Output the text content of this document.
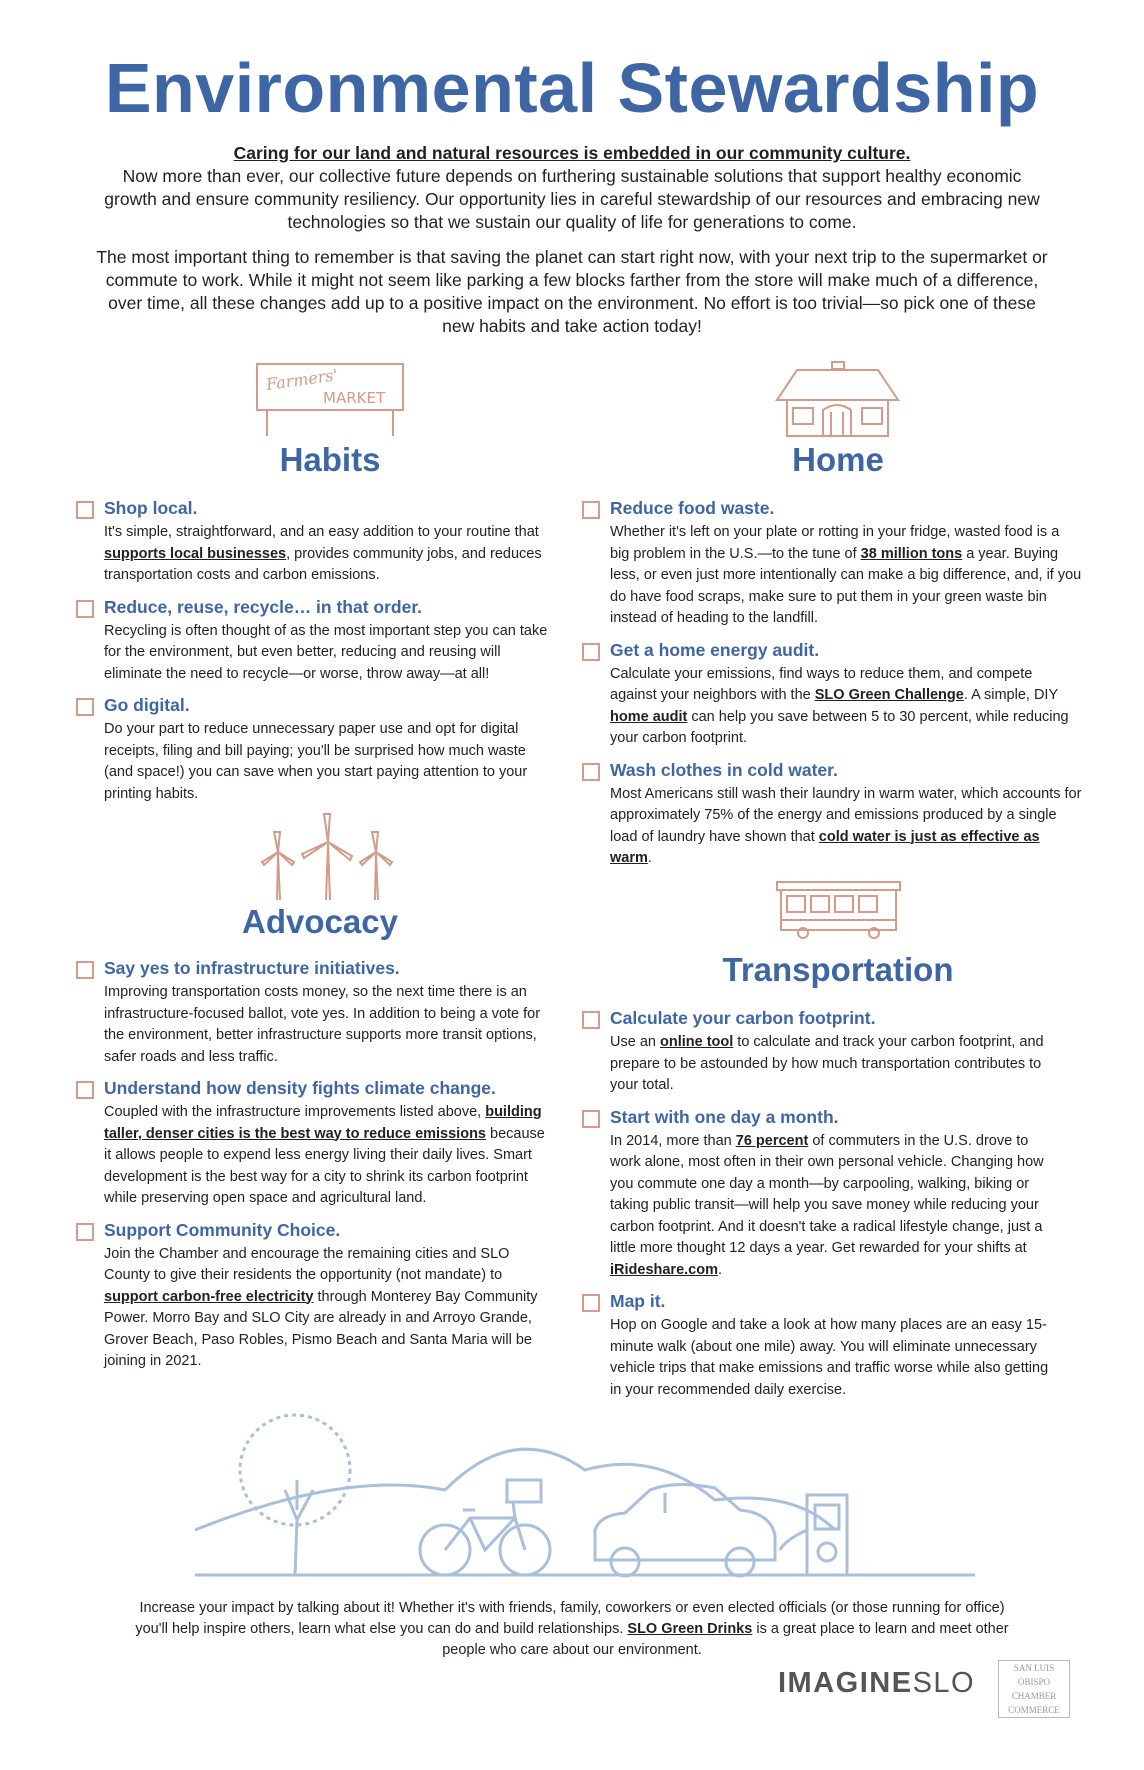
Environmental Stewardship

Caring for our land and natural resources is embedded in our community culture.
Now more than ever, our collective future depends on furthering sustainable solutions that support healthy economic growth and ensure community resiliency. Our opportunity lies in careful stewardship of our resources and embracing new technologies so that we sustain our quality of life for generations to come.

The most important thing to remember is that saving the planet can start right now, with your next trip to the supermarket or commute to work. While it might not seem like parking a few blocks farther from the store will make much of a difference, over time, all these changes add up to a positive impact on the environment. No effort is too trivial—so pick one of these new habits and take action today!

Farmers'
MARKET
Habits	Home
Shop local.

It's simple, straightforward, and an easy addition to your routine that supports local businesses, provides community jobs, and reduces transportation costs and carbon emissions.

Reduce, reuse, recycle… in that order.

Recycling is often thought of as the most important step you can take for the environment, but even better, reducing and reusing will eliminate the need to recycle—or worse, throw away—at all!

Go digital.

Do your part to reduce unnecessary paper use and opt for digital receipts, filing and bill paying; you'll be surprised how much waste (and space!) you can save when you start paying attention to your printing habits.

Reduce food waste.

Whether it's left on your plate or rotting in your fridge, wasted food is a big problem in the U.S.—to the tune of 38 million tons a year. Buying less, or even just more intentionally can make a big difference, and, if you do have food scraps, make sure to put them in your green waste bin instead of heading to the landfill.

Get a home energy audit.

Calculate your emissions, find ways to reduce them, and compete against your neighbors with the SLO Green Challenge. A simple, DIY home audit can help you save between 5 to 30 percent, while reducing your carbon footprint.

Wash clothes in cold water.

Most Americans still wash their laundry in warm water, which accounts for approximately 75% of the energy and emissions produced by a single load of laundry have shown that cold water is just as effective as warm.

Advocacy
Transportation
Say yes to infrastructure initiatives.

Improving transportation costs money, so the next time there is an infrastructure-focused ballot, vote yes. In addition to being a vote for the environment, better infrastructure supports more transit options, safer roads and less traffic.

Understand how density fights climate change.

Coupled with the infrastructure improvements listed above, building taller, denser cities is the best way to reduce emissions because it allows people to expend less energy living their daily lives. Smart development is the best way for a city to shrink its carbon footprint while preserving open space and agricultural land.

Support Community Choice.

Join the Chamber and encourage the remaining cities and SLO County to give their residents the opportunity (not mandate) to support carbon-free electricity through Monterey Bay Community Power. Morro Bay and SLO City are already in and Arroyo Grande, Grover Beach, Paso Robles, Pismo Beach and Santa Maria will be joining in 2021.

Calculate your carbon footprint.

Use an online tool to calculate and track your carbon footprint, and prepare to be astounded by how much transportation contributes to your total.

Start with one day a month.

In 2014, more than 76 percent of commuters in the U.S. drove to work alone, most often in their own personal vehicle. Changing how you commute one day a month—by carpooling, walking, biking or taking public transit—will help you save money while reducing your carbon footprint. And it doesn't take a radical lifestyle change, just a little more thought 12 days a year. Get rewarded for your shifts at iRideshare.com.

Map it.

Hop on Google and take a look at how many places are an easy 15-minute walk (about one mile) away. You will eliminate unnecessary vehicle trips that make emissions and traffic worse while also getting in your recommended daily exercise.

Increase your impact by talking about it! Whether it's with friends, family, coworkers or even elected officials (or those running for office) you'll help inspire others, learn what else you can do and build relationships. SLO Green Drinks is a great place to learn and meet other people who care about our environment.
IMAGINESLO	SAN LUIS
OBISPO
CHAMBER
COMMERCE
